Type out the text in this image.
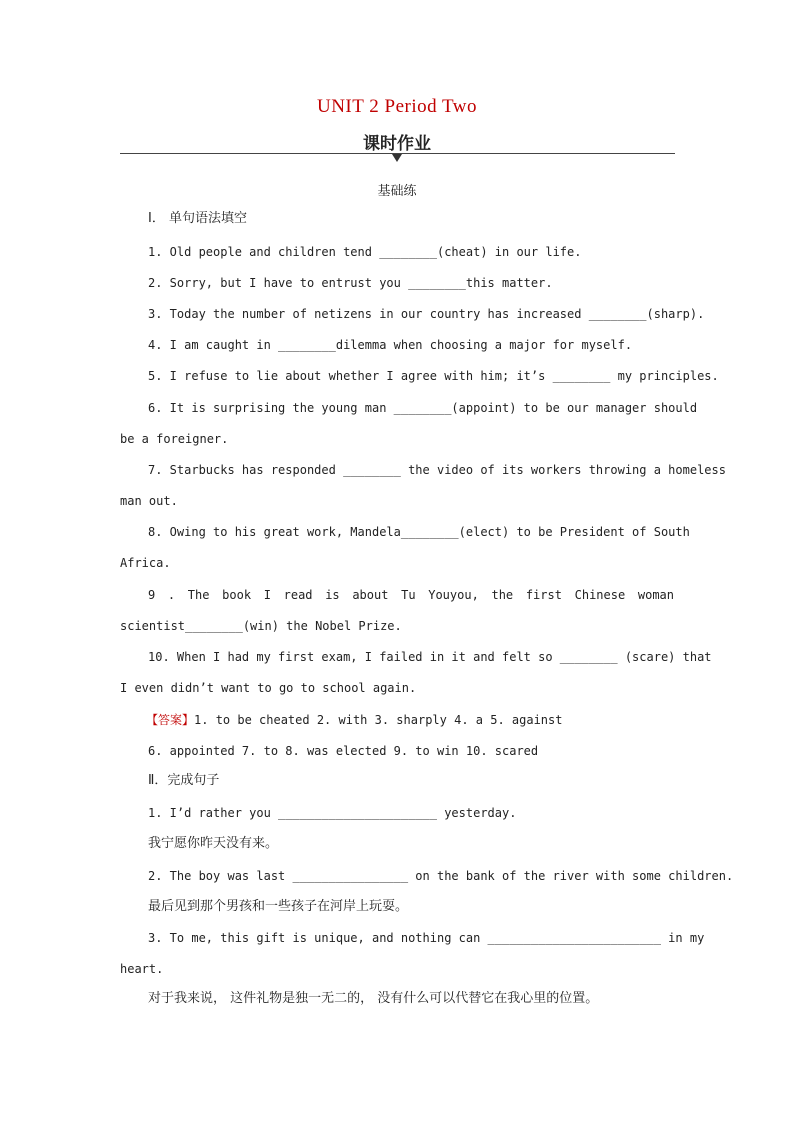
UNIT 2 Period Two
课时作业
基础练
Ⅰ． 单句语法填空
1. Old people and children tend ________(cheat) in our life.
2. Sorry, but I have to entrust you ________this matter.
3. Today the number of netizens in our country has increased ________(sharp).
4. I am caught in ________dilemma when choosing a major for myself.
5. I refuse to lie about whether I agree with him; it’s ________ my principles.
6. It is surprising the young man ________(appoint) to be our manager should
be a foreigner.
7. Starbucks has responded ________ the video of its workers throwing a homeless
man out.
8. Owing to his great work, Mandela________(elect) to be President of South
Africa.
9 . The book I read is about Tu Youyou, the first Chinese woman
scientist________(win) the Nobel Prize.
10. When I had my first exam, I failed in it and felt so ________ (scare) that
I even didn’t want to go to school again.
【答案】1. to be cheated 2. with 3. sharply 4. a 5. against
6. appointed 7. to 8. was elected 9. to win 10. scared
Ⅱ．完成句子
1. I’d rather you ______________________ yesterday.
我宁愿你昨天没有来。
2. The boy was last ________________ on the bank of the river with some children.
最后见到那个男孩和一些孩子在河岸上玩耍。
3. To me, this gift is unique, and nothing can ________________________ in my
heart.
对于我来说， 这件礼物是独一无二的， 没有什么可以代替它在我心里的位置。
